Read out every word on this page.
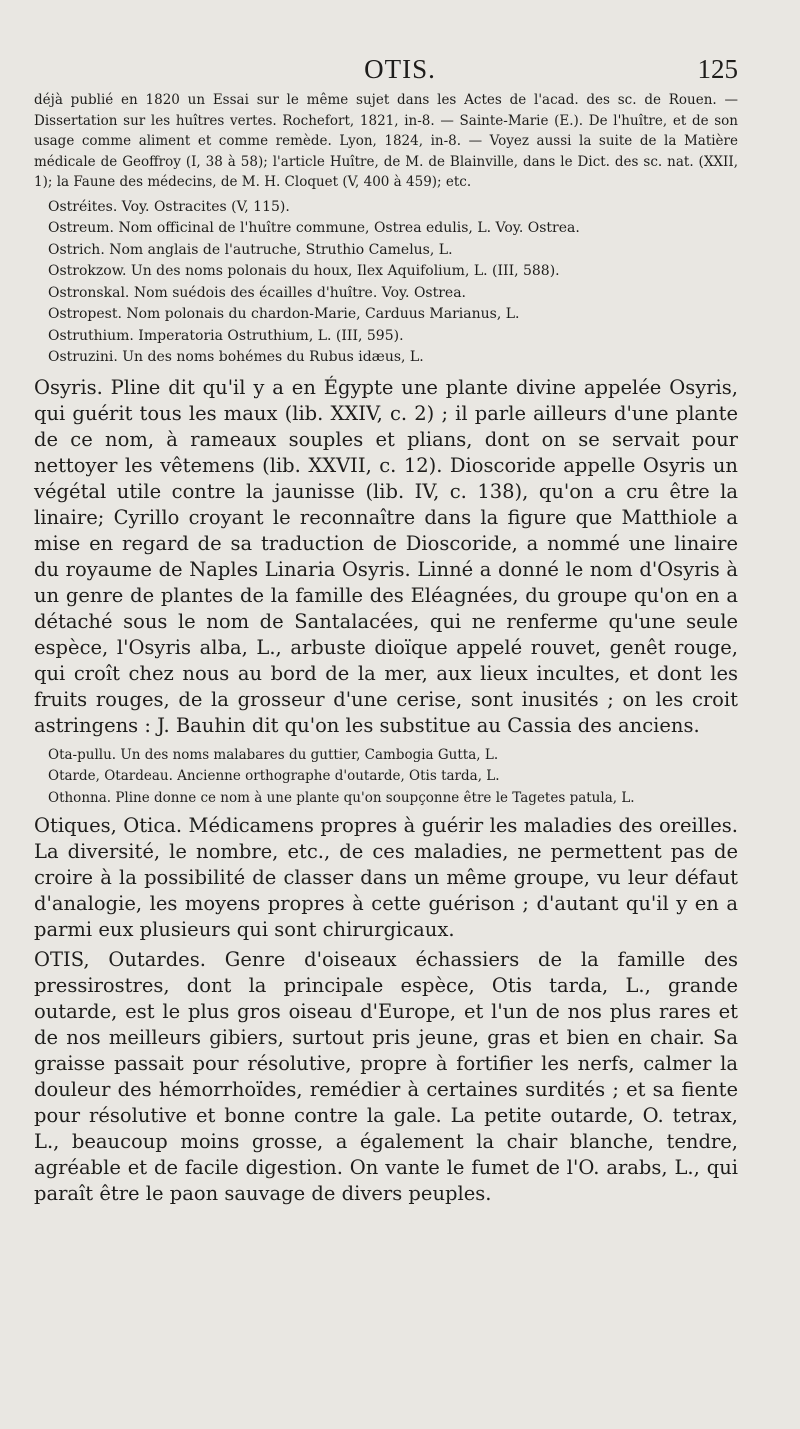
OTIS.	125

déjà publié en 1820 un Essai sur le même sujet dans les Actes de l'acad. des sc. de Rouen. — Dissertation sur les huîtres vertes. Rochefort, 1821, in-8. — Sainte-Marie (E.). De l'huître, et de son usage comme aliment et comme remède. Lyon, 1824, in-8. — Voyez aussi la suite de la Matière médicale de Geoffroy (I, 38 à 58); l'article Huître, de M. de Blainville, dans le Dict. des sc. nat. (XXII, 1); la Faune des médecins, de M. H. Cloquet (V, 400 à 459); etc.

Ostréites. Voy. Ostracites (V, 115).

Ostreum. Nom officinal de l'huître commune, Ostrea edulis, L. Voy. Ostrea.

Ostrich. Nom anglais de l'autruche, Struthio Camelus, L.

Ostrokzow. Un des noms polonais du houx, Ilex Aquifolium, L. (III, 588).

Ostronskal. Nom suédois des écailles d'huître. Voy. Ostrea.

Ostropest. Nom polonais du chardon-Marie, Carduus Marianus, L.

Ostruthium. Imperatoria Ostruthium, L. (III, 595).

Ostruzini. Un des noms bohémes du Rubus idæus, L.

Osyris. Pline dit qu'il y a en Égypte une plante divine appelée Osyris, qui guérit tous les maux (lib. XXIV, c. 2) ; il parle ailleurs d'une plante de ce nom, à rameaux souples et plians, dont on se servait pour nettoyer les vêtemens (lib. XXVII, c. 12). Dioscoride appelle Osyris un végétal utile contre la jaunisse (lib. IV, c. 138), qu'on a cru être la linaire; Cyrillo croyant le reconnaître dans la figure que Matthiole a mise en regard de sa traduction de Dioscoride, a nommé une linaire du royaume de Naples Linaria Osyris. Linné a donné le nom d'Osyris à un genre de plantes de la famille des Eléagnées, du groupe qu'on en a détaché sous le nom de Santalacées, qui ne renferme qu'une seule espèce, l'Osyris alba, L., arbuste dioïque appelé rouvet, genêt rouge, qui croît chez nous au bord de la mer, aux lieux incultes, et dont les fruits rouges, de la grosseur d'une cerise, sont inusités ; on les croit astringens : J. Bauhin dit qu'on les substitue au Cassia des anciens.

Ota-pullu. Un des noms malabares du guttier, Cambogia Gutta, L.

Otarde, Otardeau. Ancienne orthographe d'outarde, Otis tarda, L.

Othonna. Pline donne ce nom à une plante qu'on soupçonne être le Tagetes patula, L.

Otiques, Otica. Médicamens propres à guérir les maladies des oreilles. La diversité, le nombre, etc., de ces maladies, ne permettent pas de croire à la possibilité de classer dans un même groupe, vu leur défaut d'analogie, les moyens propres à cette guérison ; d'autant qu'il y en a parmi eux plusieurs qui sont chirurgicaux.

OTIS, Outardes. Genre d'oiseaux échassiers de la famille des pressirostres, dont la principale espèce, Otis tarda, L., grande outarde, est le plus gros oiseau d'Europe, et l'un de nos plus rares et de nos meilleurs gibiers, surtout pris jeune, gras et bien en chair. Sa graisse passait pour résolutive, propre à fortifier les nerfs, calmer la douleur des hémorrhoïdes, remédier à certaines surdités ; et sa fiente pour résolutive et bonne contre la gale. La petite outarde, O. tetrax, L., beaucoup moins grosse, a également la chair blanche, tendre, agréable et de facile digestion. On vante le fumet de l'O. arabs, L., qui paraît être le paon sauvage de divers peuples.
